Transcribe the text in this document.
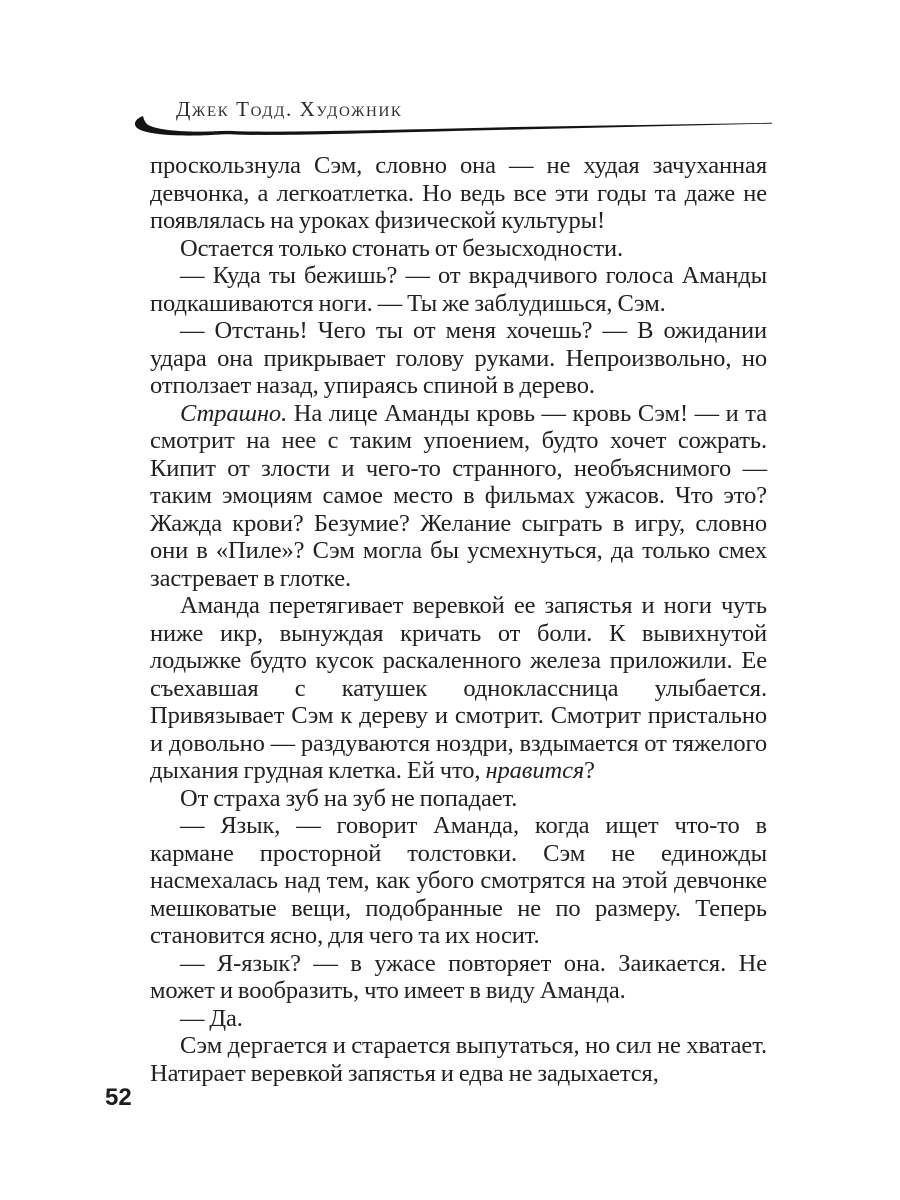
Джек Тодд. Художник

проскользнула Сэм, словно она — не худая зачуханная девчонка, а легкоатлетка. Но ведь все эти годы та даже не появлялась на уроках физической культуры!

Остается только стонать от безысходности.

— Куда ты бежишь? — от вкрадчивого голоса Аманды подкашиваются ноги. — Ты же заблудишься, Сэм.

— Отстань! Чего ты от меня хочешь? — В ожидании удара она прикрывает голову руками. Непроизвольно, но отползает назад, упираясь спиной в дерево.

Страшно. На лице Аманды кровь — кровь Сэм! — и та смотрит на нее с таким упоением, будто хочет сожрать. Кипит от злости и чего-то странного, необъяснимого — таким эмоциям самое место в фильмах ужасов. Что это? Жажда крови? Безумие? Желание сыграть в игру, словно они в «Пиле»? Сэм могла бы усмехнуться, да только смех застревает в глотке.

Аманда перетягивает веревкой ее запястья и ноги чуть ниже икр, вынуждая кричать от боли. К вывихнутой лодыжке будто кусок раскаленного железа приложили. Ее съехавшая с катушек одноклассница улыбается. Привязывает Сэм к дереву и смотрит. Смотрит пристально и довольно — раздуваются ноздри, вздымается от тяжелого дыхания грудная клетка. Ей что, нравится?

От страха зуб на зуб не попадает.

— Язык, — говорит Аманда, когда ищет что-то в кармане просторной толстовки. Сэм не единожды насмехалась над тем, как убого смотрятся на этой девчонке мешковатые вещи, подобранные не по размеру. Теперь становится ясно, для чего та их носит.

— Я-язык? — в ужасе повторяет она. Заикается. Не может и вообразить, что имеет в виду Аманда.

— Да.

Сэм дергается и старается выпутаться, но сил не хватает. Натирает веревкой запястья и едва не задыхается,

52
